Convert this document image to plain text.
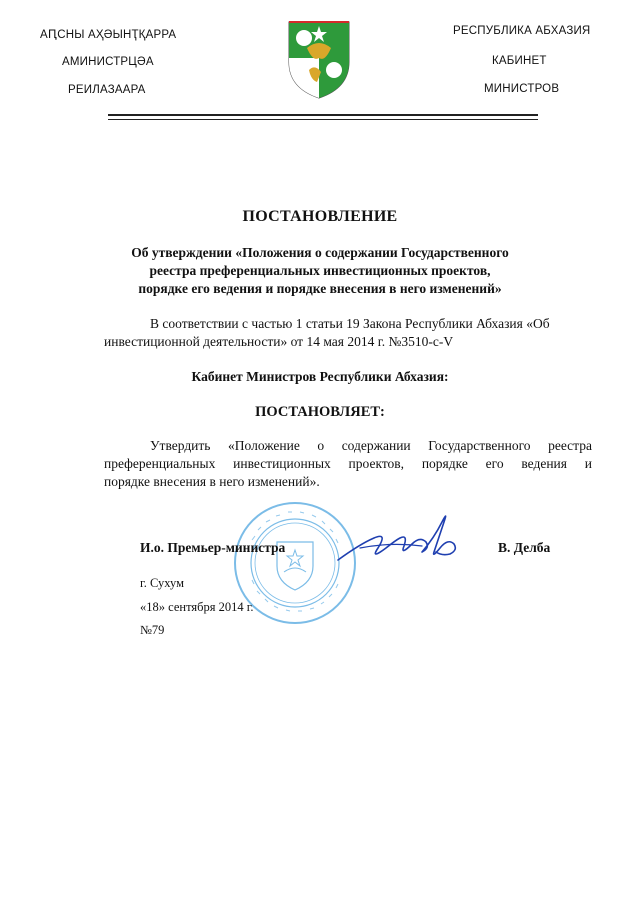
АԤСНЫ АҲӘЫНҬҚАРРА
АМИНИСТРЦӘА
РЕИЛАЗААРА
РЕСПУБЛИКА АБХАЗИЯ
КАБИНЕТ
МИНИСТРОВ
ПОСТАНОВЛЕНИЕ
Об утверждении «Положения о содержании Государственного
реестра преференциальных инвестиционных проектов,
порядке его ведения и порядке внесения в него изменений»
В соответствии с частью 1 статьи 19 Закона Республики Абхазия «Об
инвестиционной деятельности» от 14 мая 2014 г. №3510-с-V
Кабинет Министров Республики Абхазия:
ПОСТАНОВЛЯЕТ:
Утвердить «Положение о содержании Государственного реестра
преференциальных инвестиционных проектов, порядке его ведения и
порядке внесения в него изменений».
И.о. Премьер-министра	В. Делба
г. Сухум
«18» сентября 2014 г.
№79
